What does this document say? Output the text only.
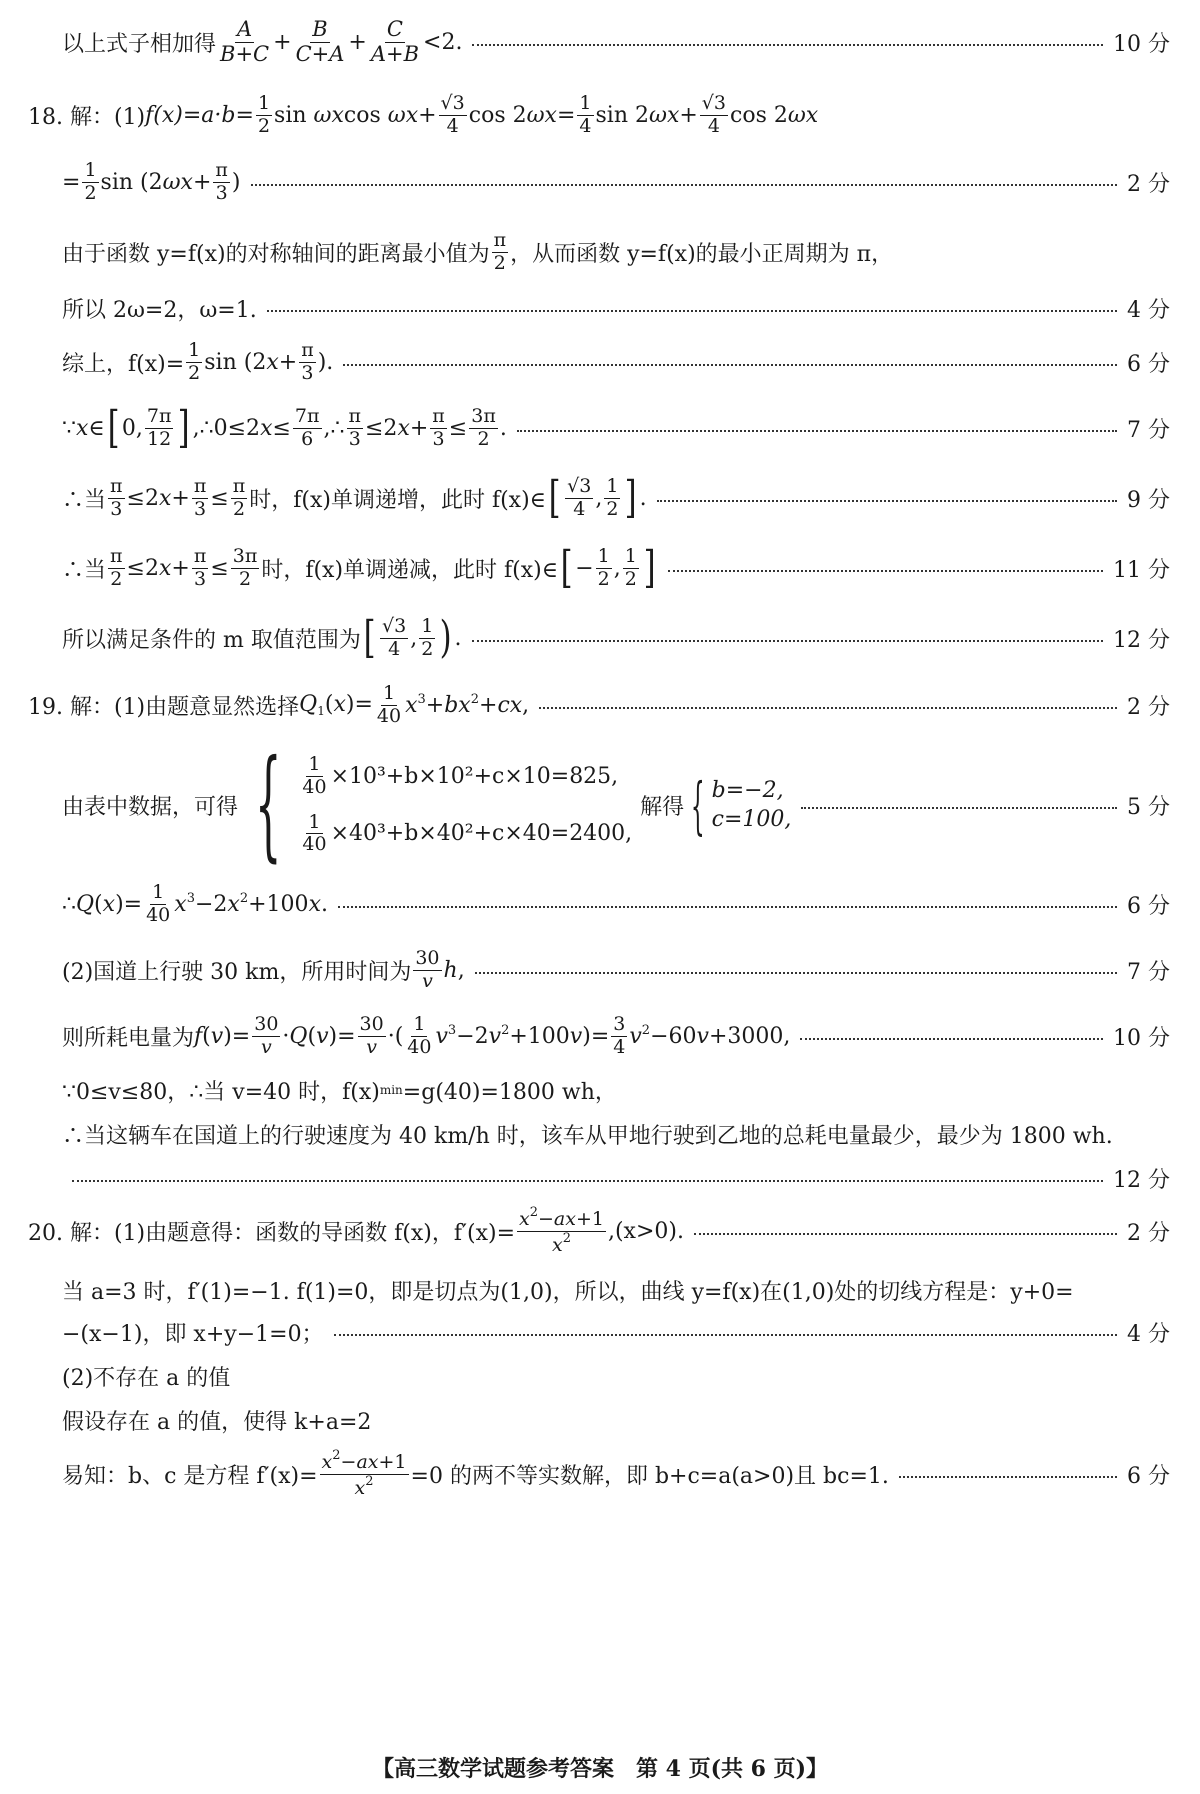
以上式子相加得 $\frac{A}{B+C} + \frac{B}{C+A} + \frac{C}{A+B} <2$.	10 分
18. 解：(1) $f(x)=a\cdot b= \frac{1}{2}$ sin ωxcos $\omega x+ \frac{√3}{4}$ $\cos 2\omega x= \frac{1}{4}$ $\sin 2\omega x+ \frac{√3}{4}$ cos 2ωx
= $\frac{1}{2}$ $\sin (2\omega x+ \frac{\pi}{3}$ )	2 分
由于函数 y=f(x)的对称轴间的距离最小值为 $\frac{\pi}{2}$ ，从而函数 y=f(x)的最小正周期为 π，
所以 2ω=2，ω=1.	4 分
综上，$f(x)= \frac{1}{2}$ $\sin (2x+ \frac{\pi}{3}$ ).	6 分
∵x∈ [ 0, $\frac{7\pi}{12}$ ] ,∴0≤2x≤ $\frac{7\pi}{6}$ ,∴ $\frac{\pi}{3} \le 2x+ \frac{\pi}{3} \le \frac{3\pi}{2}$ .	7 分
∴当 $\frac{\pi}{3} \le 2x+ \frac{\pi}{3} \le \frac{\pi}{2}$ 时，f(x)单调递增，此时 f(x)∈ [ $\frac{√3}{4}$ , $\frac{1}{2}$ ] .	9 分
∴当 $\frac{\pi}{2} \le 2x+ \frac{\pi}{3} \le \frac{3\pi}{2}$ 时，f(x)单调递减，此时 f(x)∈ [ − $\frac{1}{2}$ , $\frac{1}{2}$ ]	11 分
所以满足条件的 m 取值范围为 [ $\frac{√3}{4}$ , $\frac{1}{2}$ ) .	12 分
19. 解：(1)由题意显然选择 $Q_1(x)= \frac{1}{40} x^3+bx^2+cx$,	2 分
由表中数据，可得 { $\frac{1}{40} \times 10^3+b\times 10^2+c\times 10=825$,
$\frac{1}{40} \times 40^3+b\times 40^2+c\times 40=2400$,
解得 { b=−2,
c=100,	5 分
∴Q(x)= $\frac{1}{40} x^3-2x^2+100x$.	6 分
(2)国道上行驶 30 km，所用时间为 $\frac{30}{v} h$,	7 分
则所耗电量为 $f(v)= \frac{30}{v} \cdot Q(v)= \frac{30}{v}$ ·( $\frac{1}{40} v^3-2v^2+100v)= \frac{3}{4} v^2-60v+3000$,	10 分
∵0≤v≤80，∴当 v=40 时，f(x) min =g(40)=1800 wh，
∴当这辆车在国道上的行驶速度为 40 km/h 时，该车从甲地行驶到乙地的总耗电量最少，最少为 1800 wh.
12 分
20. 解：(1)由题意得：函数的导函数 f(x)，$f'(x)= \frac{x^2-ax+1}{x^2} ,(x>0)$.	2 分
当 a=3 时，f′(1)=−1. f(1)=0，即是切点为(1,0)，所以，曲线 y=f(x)在(1,0)处的切线方程是：y+0=
−(x−1)，即 x+y−1=0；	4 分
(2)不存在 a 的值
假设存在 a 的值，使得 k+a=2
易知：b、c 是方程 $f'(x)= \frac{x^2-ax+1}{x^2} =0$ 的两不等实数解，即 b+c=a(a>0)且 bc=1.	6 分
【高三数学试题参考答案　第 4 页(共 6 页)】
